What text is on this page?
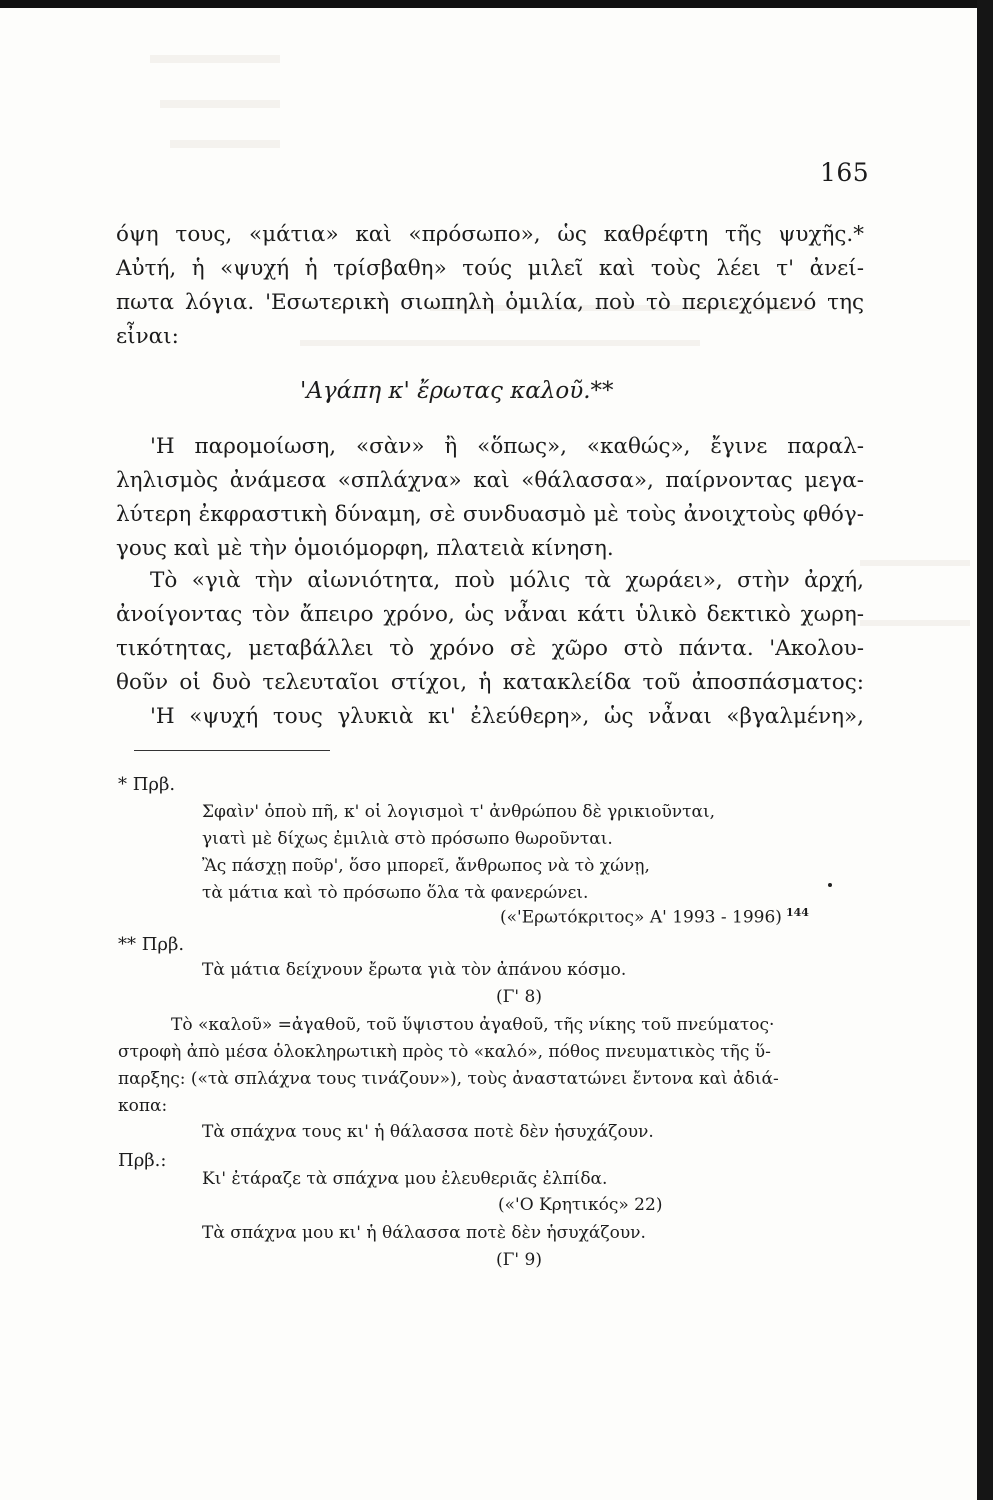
165
όψη τους, «μάτια» καὶ «πρόσωπο», ὡς καθρέφτη τῆς ψυχῆς.*
Αὐτή, ἡ «ψυχή ἡ τρίσβαθη» τούς μιλεῖ καὶ τοὺς λέει τ' ἀνεί-
πωτα λόγια. 'Εσωτερικὴ σιωπηλὴ ὁμιλία, ποὺ τὸ περιεχόμενό της
εἶναι:
'Αγάπη κ' ἔρωτας καλοῦ.**
'Η παρομοίωση, «σὰν» ἢ «ὅπως», «καθώς», ἔγινε παραλ-
ληλισμὸς ἀνάμεσα «σπλάχνα» καὶ «θάλασσα», παίρνοντας μεγα-
λύτερη ἐκφραστικὴ δύναμη, σὲ συνδυασμὸ μὲ τοὺς ἀνοιχτοὺς φθόγ-
γους καὶ μὲ τὴν ὁμοιόμορφη, πλατειὰ κίνηση.
Τὸ «γιὰ τὴν αἰωνιότητα, ποὺ μόλις τὰ χωράει», στὴν ἀρχή,
ἀνοίγοντας τὸν ἄπειρο χρόνο, ὡς νἆναι κάτι ὑλικὸ δεκτικὸ χωρη-
τικότητας, μεταβάλλει τὸ χρόνο σὲ χῶρο στὸ πάντα. 'Ακολου-
θοῦν οἱ δυὸ τελευταῖοι στίχοι, ἡ κατακλείδα τοῦ ἀποσπάσματος:
'Η «ψυχή τους γλυκιὰ κι' ἐλεύθερη», ὡς νἆναι «βγαλμένη»,
* Πρβ.
Σφαὶν' ὁποὺ πῆ, κ' οἱ λογισμοὶ τ' ἀνθρώπου δὲ γρικιοῦνται,
γιατὶ μὲ δίχως ἐμιλιὰ στὸ πρόσωπο θωροῦνται.
Ἂς πάσχῃ ποῦρ', ὅσο μπορεῖ, ἄνθρωπος νὰ τὸ χώνῃ,
τὰ μάτια καὶ τὸ πρόσωπο ὅλα τὰ φανερώνει.
(«'Ερωτόκριτος» Α' 1993 - 1996) $^{144}$
** Πρβ.
Τὰ μάτια δείχνουν ἔρωτα γιὰ τὸν ἀπάνου κόσμο.
(Γ' 8)
Τὸ «καλοῦ» =ἀγαθοῦ, τοῦ ὕψιστου ἀγαθοῦ, τῆς νίκης τοῦ πνεύματος·
στροφὴ ἀπὸ μέσα ὁλοκληρωτικὴ πρὸς τὸ «καλό», πόθος πνευματικὸς τῆς ὕ-
παρξης: («τὰ σπλάχνα τους τινάζουν»), τοὺς ἀναστατώνει ἔντονα καὶ ἀδιά-
κοπα:
Τὰ σπάχνα τους κι' ἡ θάλασσα ποτὲ δὲν ἡσυχάζουν.
Πρβ.:
Κι' ἐτάραζε τὰ σπάχνα μου ἐλευθεριᾶς ἐλπίδα.
(«'Ο Κρητικός» 22)
Τὰ σπάχνα μου κι' ἡ θάλασσα ποτὲ δὲν ἡσυχάζουν.
(Γ' 9)
